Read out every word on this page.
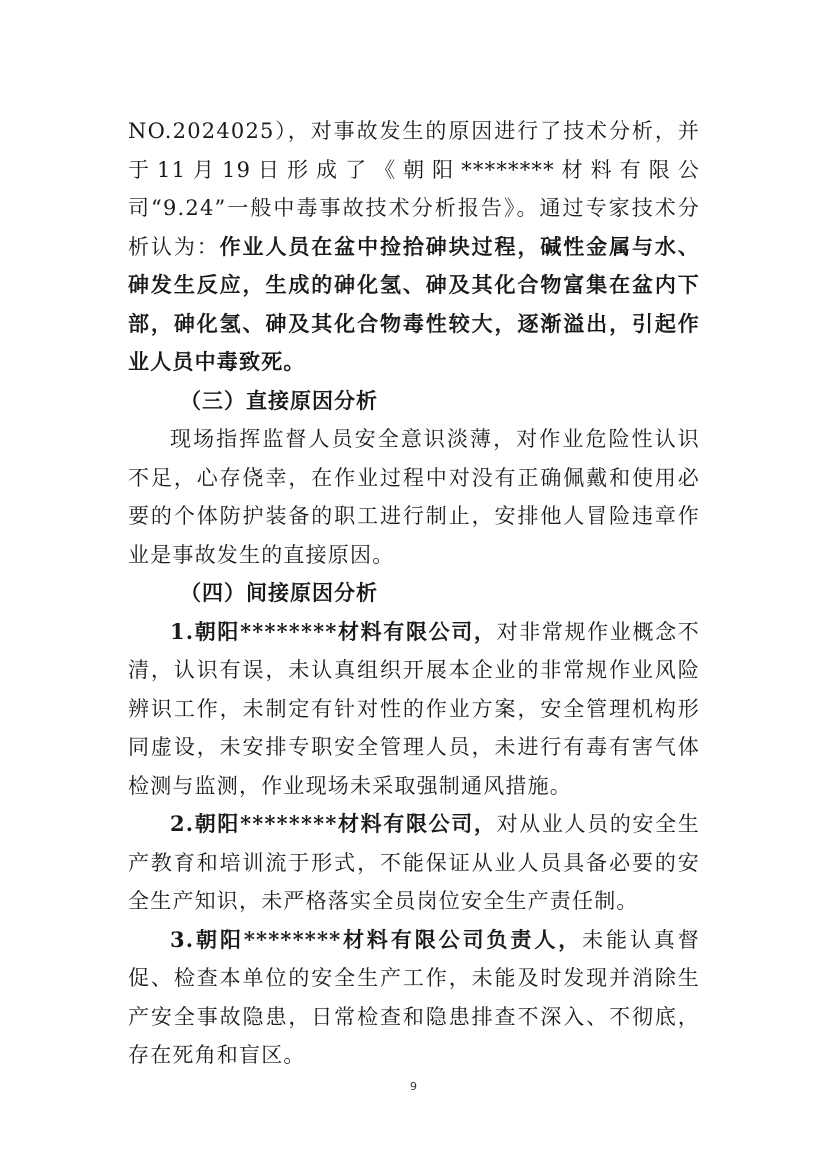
NO.2024025），对事故发生的原因进行了技术分析，并于11月19日形成了《朝阳********材料有限公司“9.24”一般中毒事故技术分析报告》。通过专家技术分析认为：作业人员在盆中捡拾砷块过程，碱性金属与水、砷发生反应，生成的砷化氢、砷及其化合物富集在盆内下部，砷化氢、砷及其化合物毒性较大，逐渐溢出，引起作业人员中毒致死。

（三）直接原因分析

现场指挥监督人员安全意识淡薄，对作业危险性认识不足，心存侥幸，在作业过程中对没有正确佩戴和使用必要的个体防护装备的职工进行制止，安排他人冒险违章作业是事故发生的直接原因。

（四）间接原因分析

1.朝阳********材料有限公司，对非常规作业概念不清，认识有误，未认真组织开展本企业的非常规作业风险辨识工作，未制定有针对性的作业方案，安全管理机构形同虚设，未安排专职安全管理人员，未进行有毒有害气体检测与监测，作业现场未采取强制通风措施。

2.朝阳********材料有限公司，对从业人员的安全生产教育和培训流于形式，不能保证从业人员具备必要的安全生产知识，未严格落实全员岗位安全生产责任制。

3.朝阳********材料有限公司负责人，未能认真督促、检查本单位的安全生产工作，未能及时发现并消除生产安全事故隐患，日常检查和隐患排查不深入、不彻底，存在死角和盲区。

9
